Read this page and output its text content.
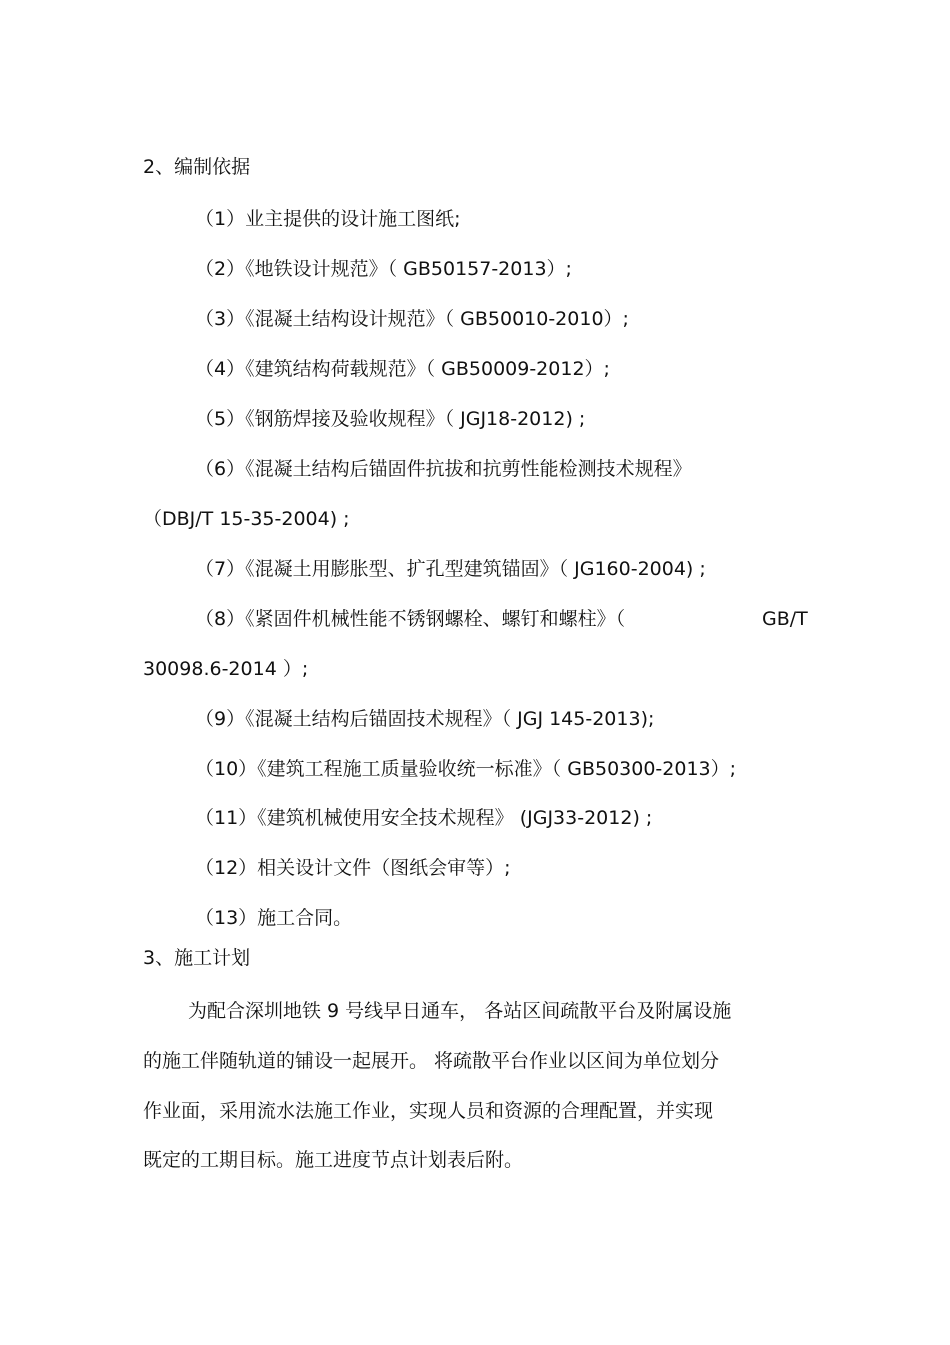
2、编制依据
（1）业主提供的设计施工图纸;
（2）《地铁设计规范》（ GB50157-2013）;
（3）《混凝土结构设计规范》（ GB50010-2010）;
（4）《建筑结构荷载规范》（ GB50009-2012）;
（5）《钢筋焊接及验收规程》（ JGJ18-2012) ;
（6）《混凝土结构后锚固件抗拔和抗剪性能检测技术规程》
（DBJ/T 15-35-2004) ;
（7）《混凝土用膨胀型、扩孔型建筑锚固》（ JG160-2004) ;
（8）《紧固件机械性能不锈钢螺栓、螺钉和螺柱》（	GB/T
30098.6-2014 ）;
（9）《混凝土结构后锚固技术规程》（ JGJ 145-2013);
（10）《建筑工程施工质量验收统一标准》（ GB50300-2013）;
（11）《建筑机械使用安全技术规程》 (JGJ33-2012) ;
（12）相关设计文件（图纸会审等）;
（13）施工合同。
3、施工计划
为配合深圳地铁 9 号线早日通车， 各站区间疏散平台及附属设施
的施工伴随轨道的铺设一起展开。 将疏散平台作业以区间为单位划分
作业面，采用流水法施工作业，实现人员和资源的合理配置，并实现
既定的工期目标。施工进度节点计划表后附。
